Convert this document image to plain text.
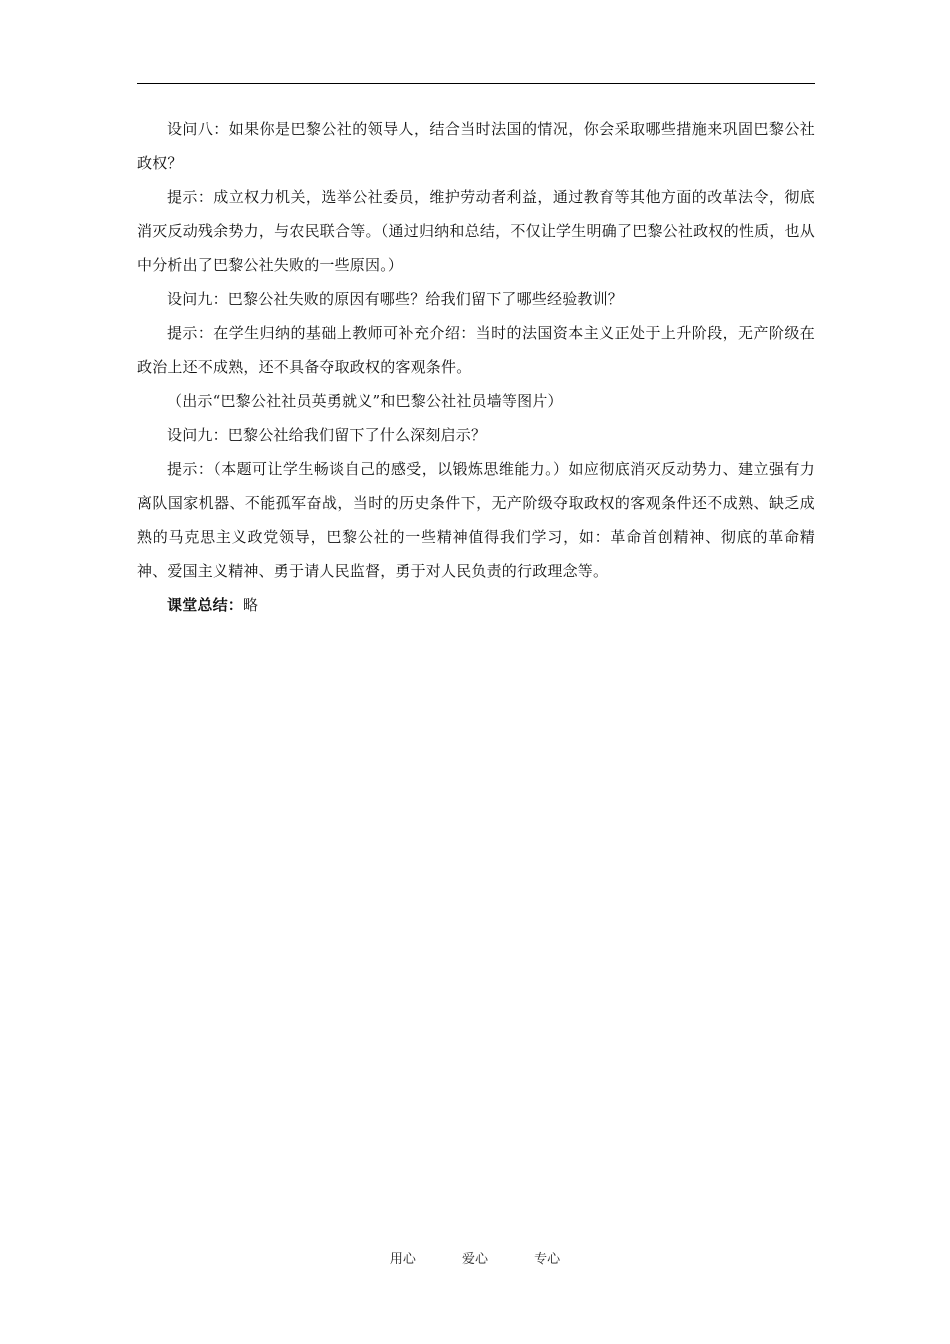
设问八：如果你是巴黎公社的领导人，结合当时法国的情况，你会采取哪些措施来巩固巴黎公社政权？

提示：成立权力机关，选举公社委员，维护劳动者利益，通过教育等其他方面的改革法令，彻底消灭反动残余势力，与农民联合等。（通过归纳和总结，不仅让学生明确了巴黎公社政权的性质，也从中分析出了巴黎公社失败的一些原因。）

设问九：巴黎公社失败的原因有哪些？给我们留下了哪些经验教训？

提示：在学生归纳的基础上教师可补充介绍：当时的法国资本主义正处于上升阶段，无产阶级在政治上还不成熟，还不具备夺取政权的客观条件。

（出示“巴黎公社社员英勇就义”和巴黎公社社员墙等图片）

设问九：巴黎公社给我们留下了什么深刻启示？

提示：（本题可让学生畅谈自己的感受，以锻炼思维能力。）如应彻底消灭反动势力、建立强有力离队国家机器、不能孤军奋战，当时的历史条件下，无产阶级夺取政权的客观条件还不成熟、缺乏成熟的马克思主义政党领导，巴黎公社的一些精神值得我们学习，如：革命首创精神、彻底的革命精神、爱国主义精神、勇于请人民监督，勇于对人民负责的行政理念等。

课堂总结：略

用心	爱心	专心
